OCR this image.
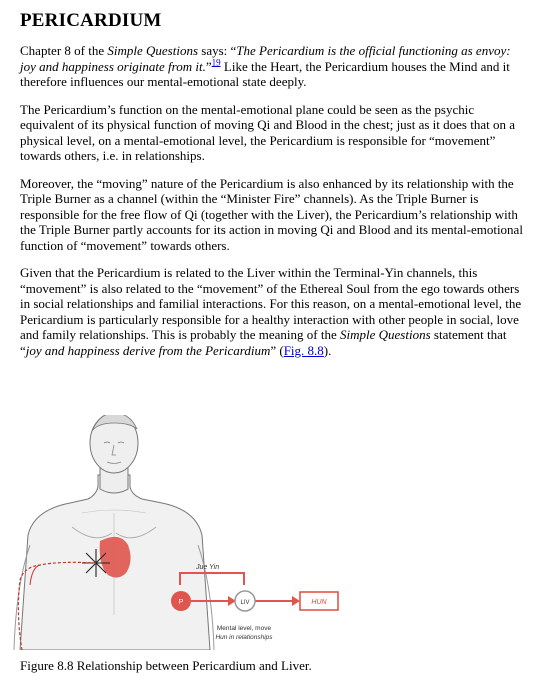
PERICARDIUM

Chapter 8 of the Simple Questions says: “The Pericardium is the official functioning as envoy: joy and happiness originate from it.”$^{19}$ Like the Heart, the Pericardium houses the Mind and it therefore influences our mental-emotional state deeply.

The Pericardium’s function on the mental-emotional plane could be seen as the psychic equivalent of its physical function of moving Qi and Blood in the chest; just as it does that on a physical level, on a mental-emotional level, the Pericardium is responsible for “movement” towards others, i.e. in relationships.

Moreover, the “moving” nature of the Pericardium is also enhanced by its relationship with the Triple Burner as a channel (within the “Minister Fire” channels). As the Triple Burner is responsible for the free flow of Qi (together with the Liver), the Pericardium’s relationship with the Triple Burner partly accounts for its action in moving Qi and Blood and its mental-emotional function of “movement” towards others.

Given that the Pericardium is related to the Liver within the Terminal-Yin channels, this “movement” is also related to the “movement” of the Ethereal Soul from the ego towards others in social relationships and familial interactions. For this reason, on a mental-emotional level, the Pericardium is particularly responsible for a healthy interaction with other people in social, love and family relationships. This is probably the meaning of the Simple Questions statement that “joy and happiness derive from the Pericardium” (Fig. 8.8).

Jue Yin
P	LIV	HUN
Mental level, move
Hun in relationships
Figure 8.8 Relationship between Pericardium and Liver.
